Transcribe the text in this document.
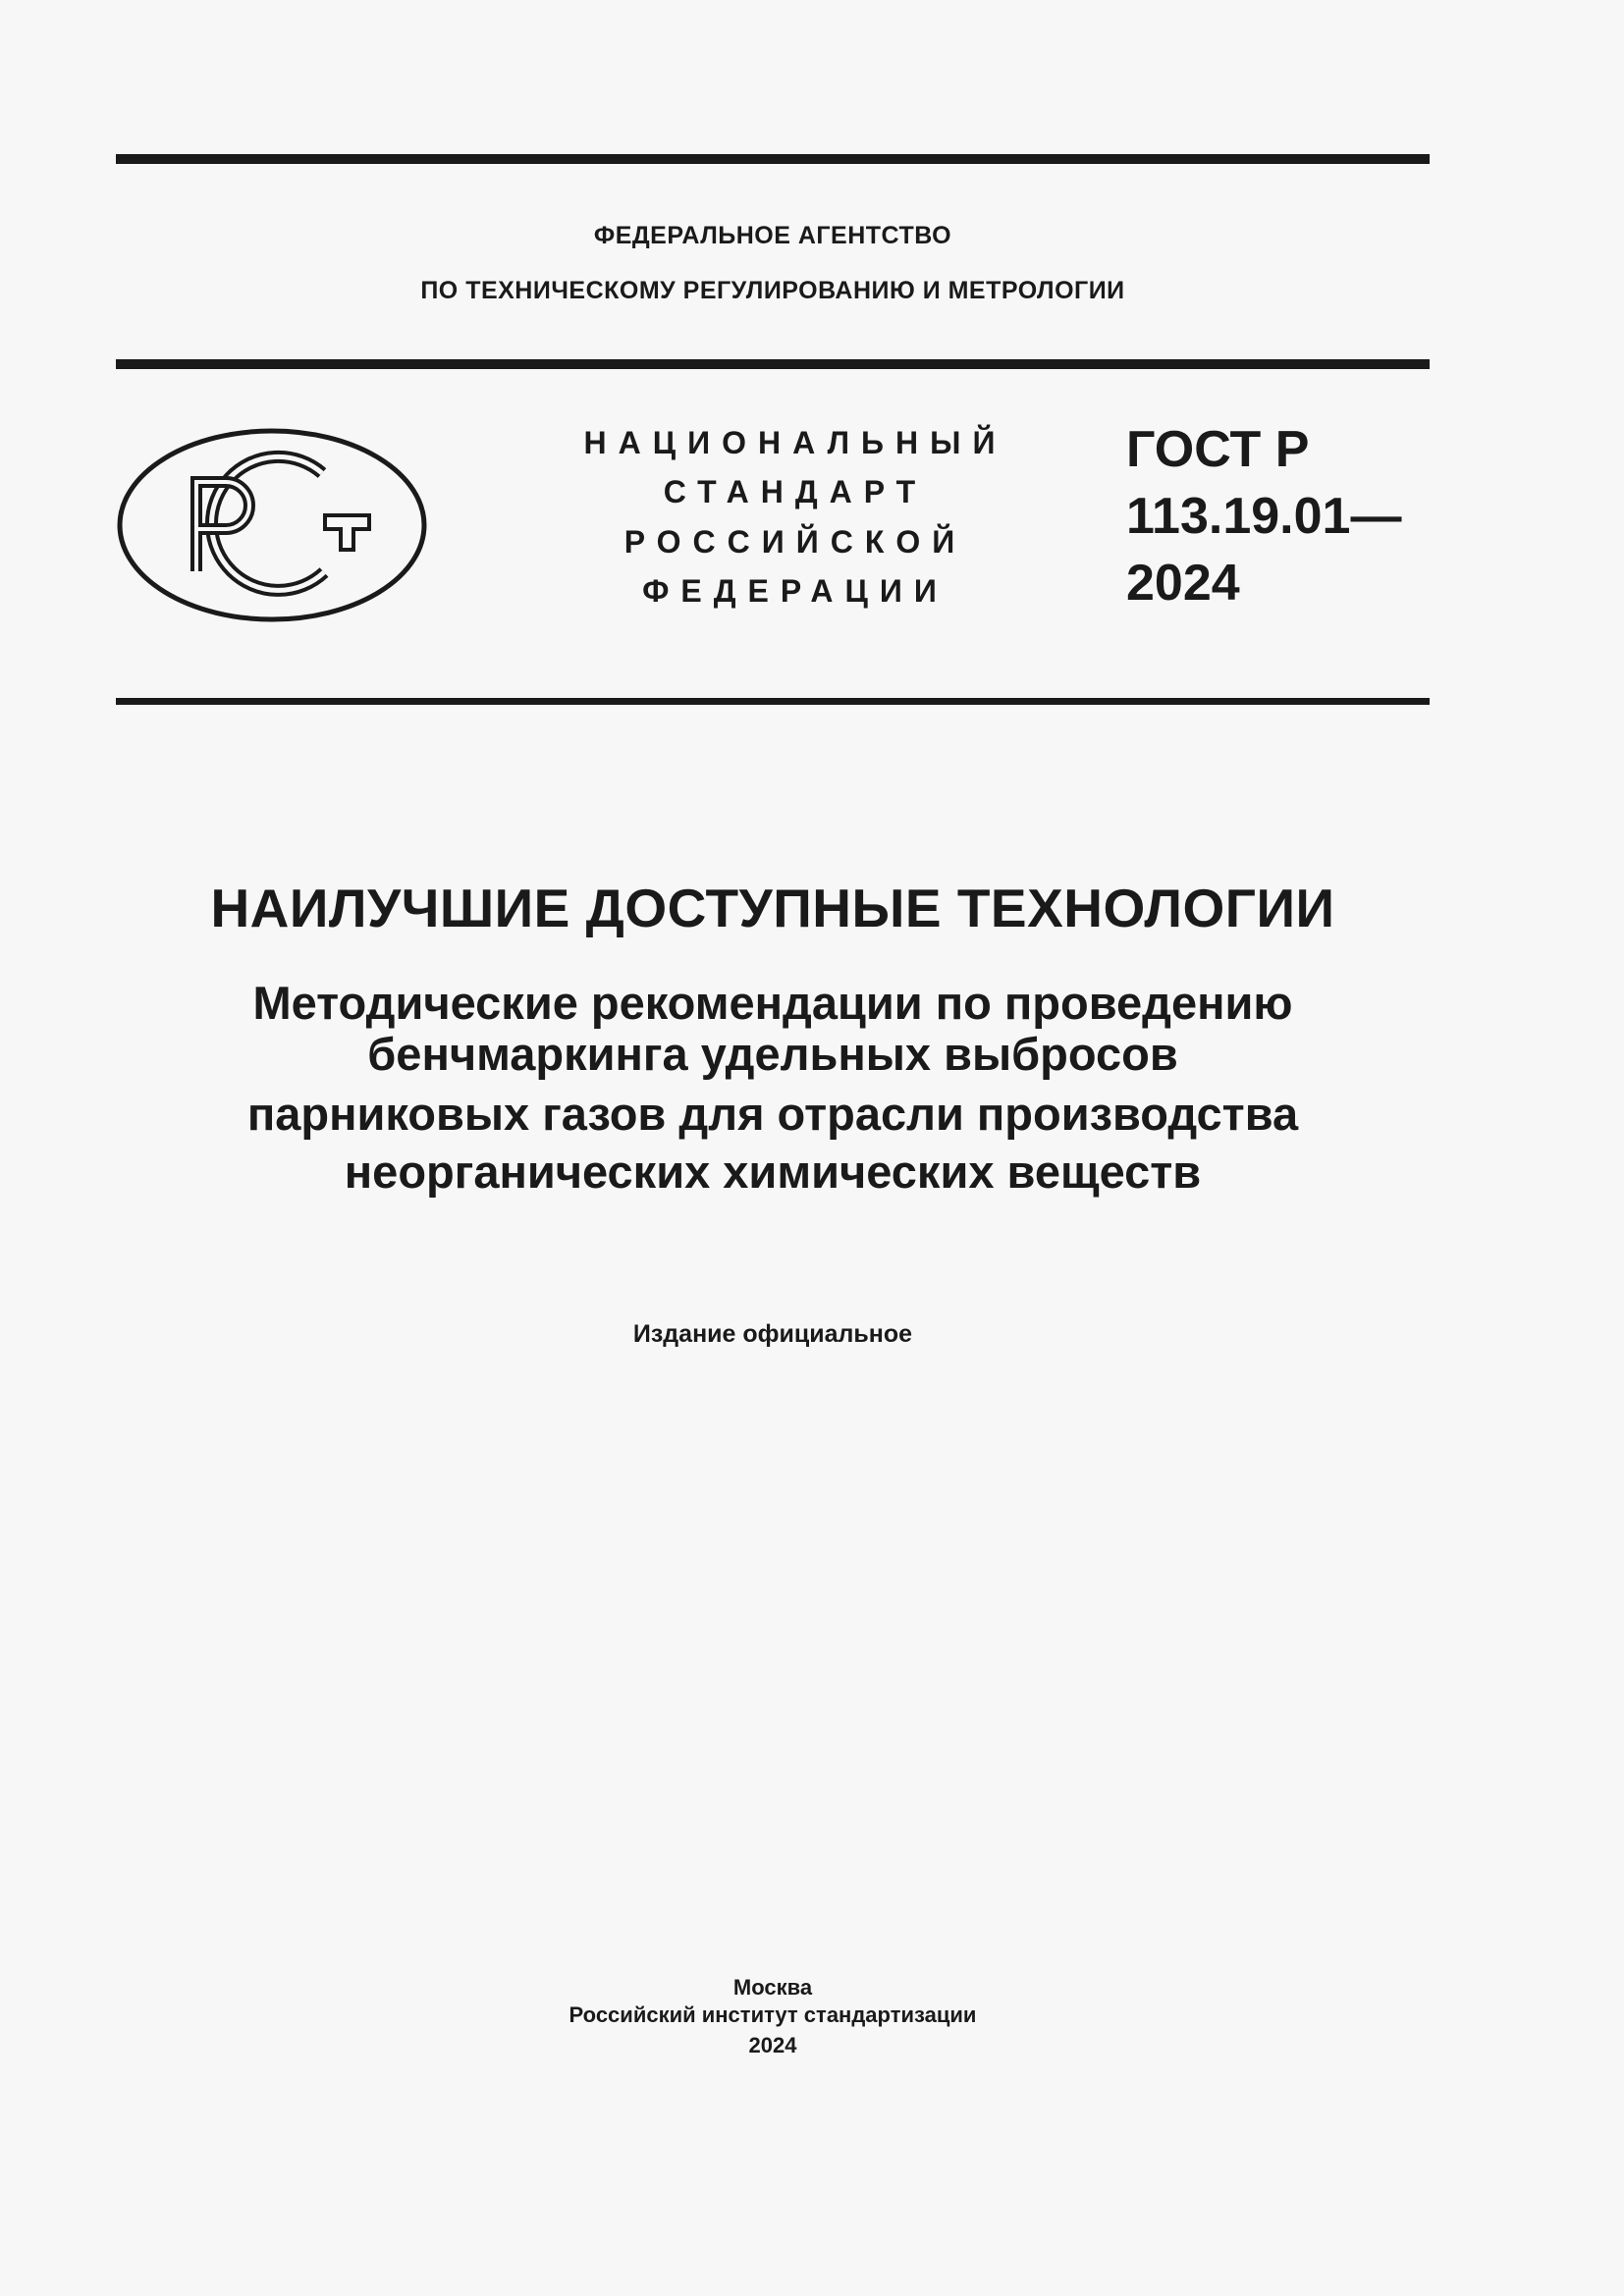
ФЕДЕРАЛЬНОЕ АГЕНТСТВО
ПО ТЕХНИЧЕСКОМУ РЕГУЛИРОВАНИЮ И МЕТРОЛОГИИ
НАЦИОНАЛЬНЫЙ
СТАНДАРТ
РОССИЙСКОЙ
ФЕДЕРАЦИИ
ГОСТ Р
113.19.01—
2024
НАИЛУЧШИЕ ДОСТУПНЫЕ ТЕХНОЛОГИИ
Методические рекомендации по проведению
бенчмаркинга удельных выбросов
парниковых газов для отрасли производства
неорганических химических веществ
Издание официальное
Москва
Российский институт стандартизации
2024
